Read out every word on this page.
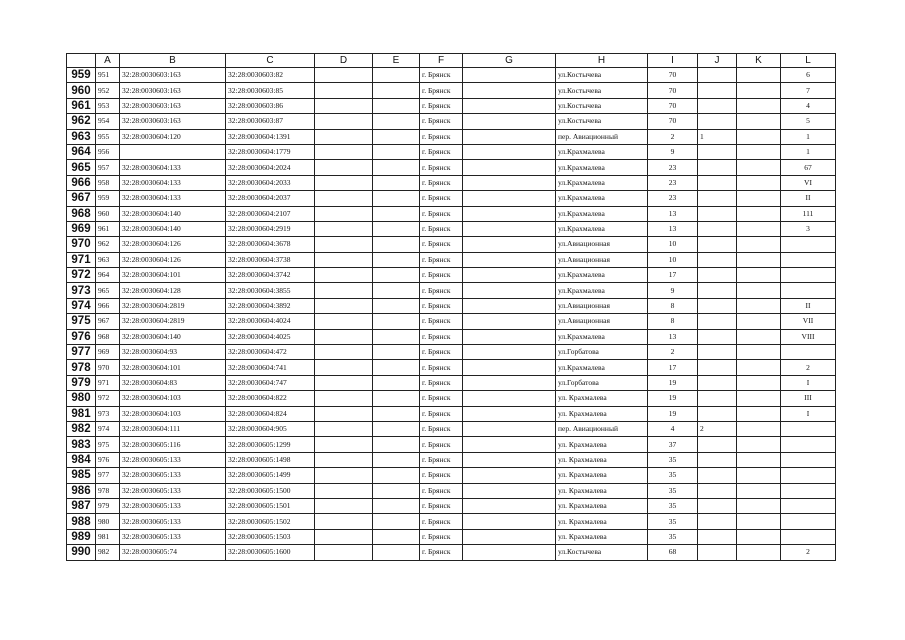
	A	B	C	D	E	F	G	H	I	J	K	L
959	951	32:28:0030603:163	32:28:0030603:82			г. Брянск		ул.Костычева	70			6
960	952	32:28:0030603:163	32:28:0030603:85			г. Брянск		ул.Костычева	70			7
961	953	32:28:0030603:163	32:28:0030603:86			г. Брянск		ул.Костычева	70			4
962	954	32:28:0030603:163	32:28:0030603:87			г. Брянск		ул.Костычева	70			5
963	955	32:28:0030604:120	32:28:0030604:1391			г. Брянск		пер. Авиационный	2	1		1
964	956		32:28:0030604:1779			г. Брянск		ул.Крахмалева	9			1
965	957	32:28:0030604:133	32:28:0030604:2024			г. Брянск		ул.Крахмалева	23			67
966	958	32:28:0030604:133	32:28:0030604:2033			г. Брянск		ул.Крахмалева	23			VI
967	959	32:28:0030604:133	32:28:0030604:2037			г. Брянск		ул.Крахмалева	23			II
968	960	32:28:0030604:140	32:28:0030604:2107			г. Брянск		ул.Крахмалева	13			111
969	961	32:28:0030604:140	32:28:0030604:2919			г. Брянск		ул.Крахмалева	13			3
970	962	32:28:0030604:126	32:28:0030604:3678			г. Брянск		ул.Авиационная	10			
971	963	32:28:0030604:126	32:28:0030604:3738			г. Брянск		ул.Авиационная	10			
972	964	32:28:0030604:101	32:28:0030604:3742			г. Брянск		ул.Крахмалева	17			
973	965	32:28:0030604:128	32:28:0030604:3855			г. Брянск		ул.Крахмалева	9			
974	966	32:28:0030604:2819	32:28:0030604:3892			г. Брянск		ул.Авиационная	8			II
975	967	32:28:0030604:2819	32:28:0030604:4024			г. Брянск		ул.Авиационная	8			VII
976	968	32:28:0030604:140	32:28:0030604:4025			г. Брянск		ул.Крахмалева	13			VIII
977	969	32:28:0030604:93	32:28:0030604:472			г. Брянск		ул.Горбатова	2			
978	970	32:28:0030604:101	32:28:0030604:741			г. Брянск		ул.Крахмалева	17			2
979	971	32:28:0030604:83	32:28:0030604:747			г. Брянск		ул.Горбатова	19			I
980	972	32:28:0030604:103	32:28:0030604:822			г. Брянск		ул. Крахмалева	19			III
981	973	32:28:0030604:103	32:28:0030604:824			г. Брянск		ул. Крахмалева	19			I
982	974	32:28:0030604:111	32:28:0030604:905			г. Брянск		пер. Авиационный	4	2		
983	975	32:28:0030605:116	32:28:0030605:1299			г. Брянск		ул. Крахмалева	37			
984	976	32:28:0030605:133	32:28:0030605:1498			г. Брянск		ул. Крахмалева	35			
985	977	32:28:0030605:133	32:28:0030605:1499			г. Брянск		ул. Крахмалева	35			
986	978	32:28:0030605:133	32:28:0030605:1500			г. Брянск		ул. Крахмалева	35			
987	979	32:28:0030605:133	32:28:0030605:1501			г. Брянск		ул. Крахмалева	35			
988	980	32:28:0030605:133	32:28:0030605:1502			г. Брянск		ул. Крахмалева	35			
989	981	32:28:0030605:133	32:28:0030605:1503			г. Брянск		ул. Крахмалева	35			
990	982	32:28:0030605:74	32:28:0030605:1600			г. Брянск		ул.Костычева	68			2
